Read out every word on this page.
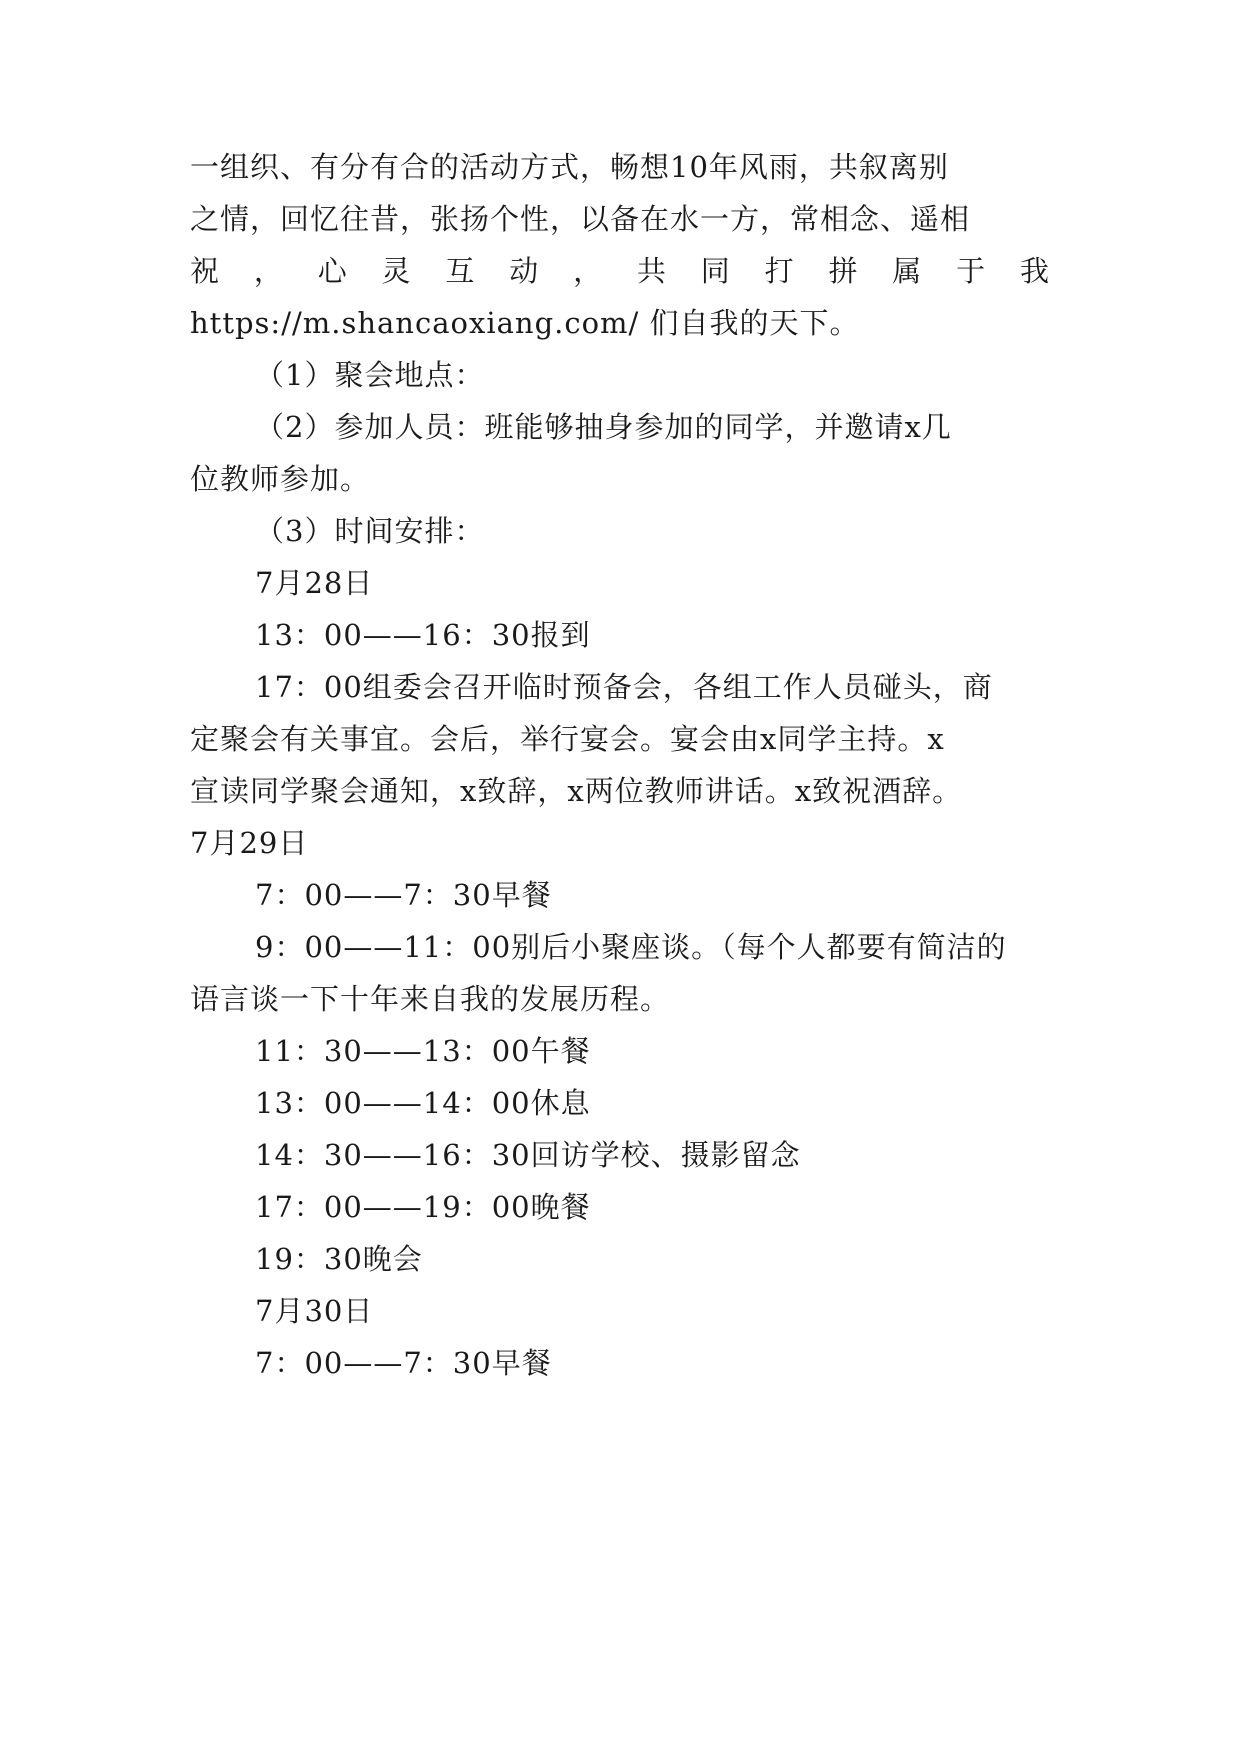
一组织、有分有合的活动方式，畅想10年风雨，共叙离别
之情，回忆往昔，张扬个性，以备在水一方，常相念、遥相
祝 ， 心 灵 互 动 ， 共 同 打 拼 属 于 我
https://m.shancaoxiang.com/ 们自我的天下。
（1）聚会地点：
（2）参加人员：班能够抽身参加的同学，并邀请x几
位教师参加。
（3）时间安排：
7月28日
13：00——16：30报到
17：00组委会召开临时预备会，各组工作人员碰头，商
定聚会有关事宜。会后，举行宴会。宴会由x同学主持。x
宣读同学聚会通知，x致辞，x两位教师讲话。x致祝酒辞。
7月29日
7：00——7：30早餐
9：00——11：00别后小聚座谈。（每个人都要有简洁的
语言谈一下十年来自我的发展历程。
11：30——13：00午餐
13：00——14：00休息
14：30——16：30回访学校、摄影留念
17：00——19：00晚餐
19：30晚会
7月30日
7：00——7：30早餐
